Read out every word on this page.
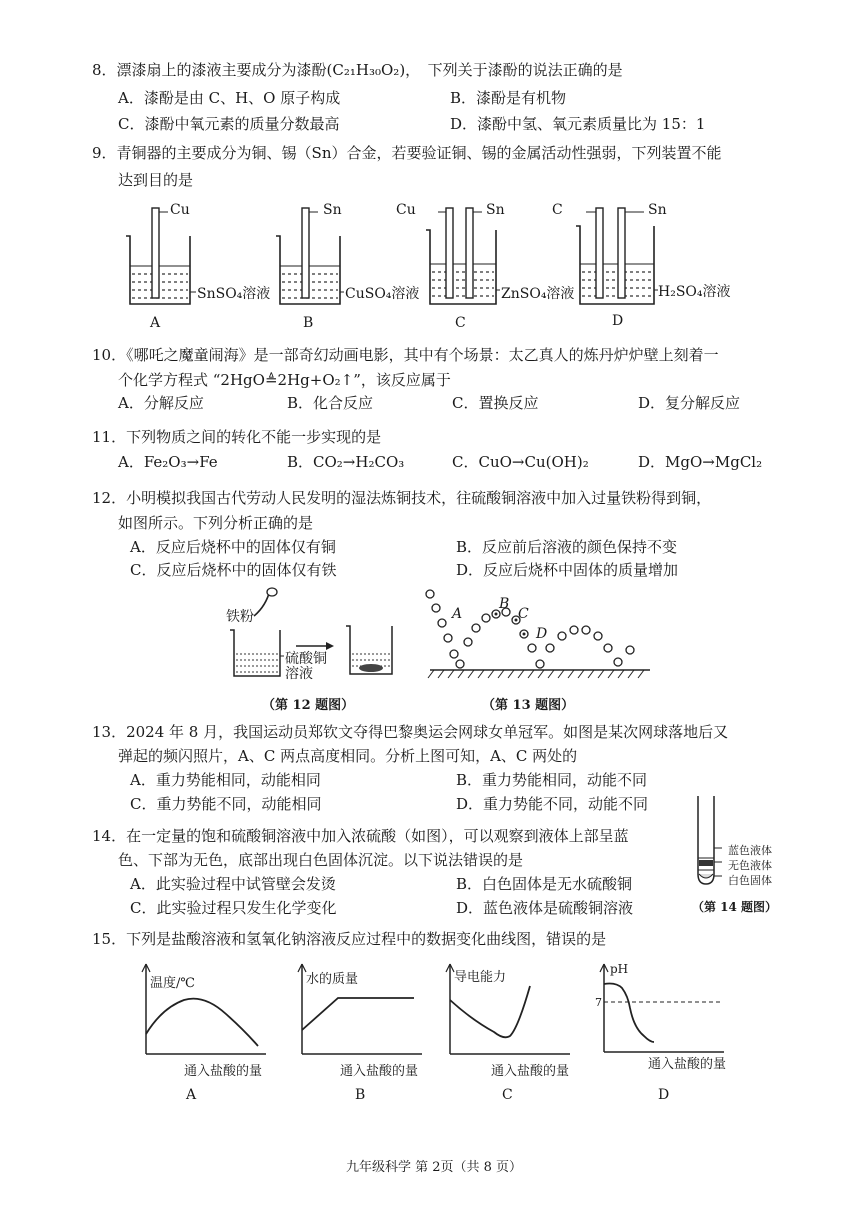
8．漂漆扇上的漆液主要成分为漆酚(C₂₁H₃₀O₂)，　下列关于漆酚的说法正确的是
A．漆酚是由 C、H、O 原子构成	B．漆酚是有机物
C．漆酚中氧元素的质量分数最高	D．漆酚中氢、氧元素质量比为 15：1
9．青铜器的主要成分为铜、锡（Sn）合金，若要验证铜、锡的金属活动性强弱，下列装置不能
达到目的是
Cu
SnSO₄溶液
A
Sn
CuSO₄溶液
B
Cu	Sn
ZnSO₄溶液
C
C	Sn
H₂SO₄溶液
D
10．《哪吒之魔童闹海》是一部奇幻动画电影，其中有个场景：太乙真人的炼丹炉炉壁上刻着一
个化学方程式 “2HgO≜2Hg+O₂↑”，该反应属于
A．分解反应	B．化合反应	C．置换反应	D．复分解反应
11．下列物质之间的转化不能一步实现的是
A．Fe₂O₃→Fe	B．CO₂→H₂CO₃	C．CuO→Cu(OH)₂	D．MgO→MgCl₂
12．小明模拟我国古代劳动人民发明的湿法炼铜技术，往硫酸铜溶液中加入过量铁粉得到铜，
如图所示。下列分析正确的是
A．反应后烧杯中的固体仅有铜	B．反应前后溶液的颜色保持不变
C．反应后烧杯中的固体仅有铁	D．反应后烧杯中固体的质量增加
铁粉
硫酸铜
溶液
（第 12 题图）
A
B
C
D
（第 13 题图）
13．2024 年 8 月，我国运动员郑钦文夺得巴黎奥运会网球女单冠军。如图是某次网球落地后又
弹起的频闪照片，A、C 两点高度相同。分析上图可知，A、C 两处的
A．重力势能相同，动能相同	B．重力势能相同，动能不同
C．重力势能不同，动能相同	D．重力势能不同，动能不同
14．在一定量的饱和硫酸铜溶液中加入浓硫酸（如图），可以观察到液体上部呈蓝
色、下部为无色，底部出现白色固体沉淀。以下说法错误的是
A．此实验过程中试管壁会发烫	B．白色固体是无水硫酸铜
C．此实验过程只发生化学变化	D．蓝色液体是硫酸铜溶液
蓝色液体
无色液体
白色固体
（第 14 题图）
15．下列是盐酸溶液和氢氧化钠溶液反应过程中的数据变化曲线图，错误的是
温度/℃
通入盐酸的量
A
水的质量
通入盐酸的量
B
导电能力
通入盐酸的量
C
pH
7
通入盐酸的量
D
九年级科学 第 2页（共 8 页）
